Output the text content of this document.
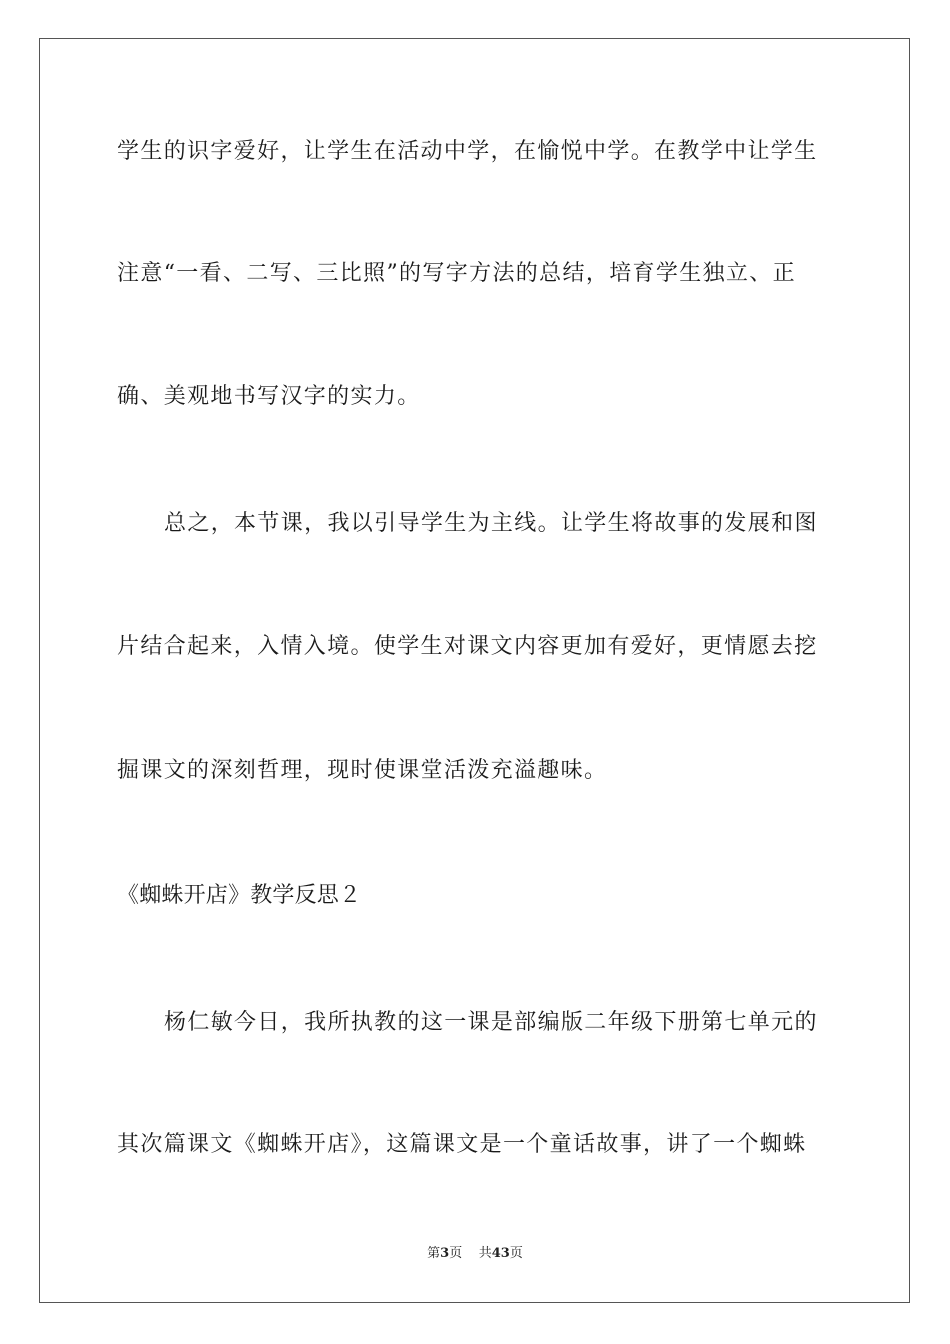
学生的识字爱好，让学生在活动中学，在愉悦中学。在教学中让学生
注意“一看、二写、三比照”的写字方法的总结，培育学生独立、正
确、美观地书写汉字的实力。
总之，本节课，我以引导学生为主线。让学生将故事的发展和图
片结合起来，入情入境。使学生对课文内容更加有爱好，更情愿去挖
掘课文的深刻哲理，现时使课堂活泼充溢趣味。
《蜘蛛开店》教学反思２
杨仁敏今日，我所执教的这一课是部编版二年级下册第七单元的
其次篇课文《蜘蛛开店》，这篇课文是一个童话故事，讲了一个蜘蛛
第3页 共43页
